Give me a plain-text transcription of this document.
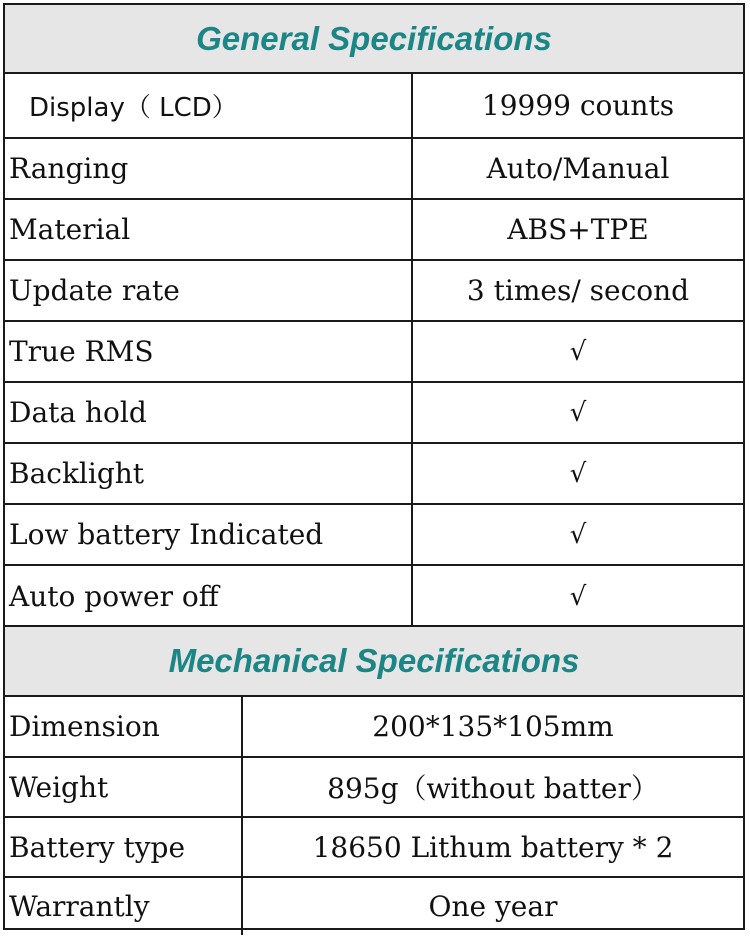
General Specifications
Display（ LCD）	19999 counts
Ranging	Auto/Manual
Material	ABS+TPE
Update rate	3 times/ second
True RMS	√
Data hold	√
Backlight	√
Low battery Indicated	√
Auto power off	√
Mechanical Specifications
Dimension	200*135*105mm
Weight	895g（without batter）
Battery type	18650 Lithum battery * 2
Warrantly	One year
